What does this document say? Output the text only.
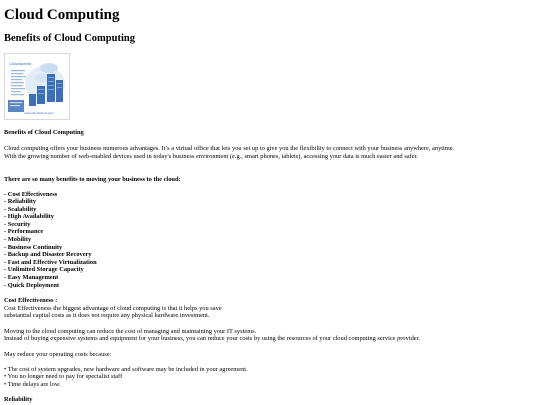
Cloud Computing
Benefits of Cloud Computing
Cloudsprints
www.cloudsprints.com
Benefits of Cloud Computing
Cloud computing offers your business numerous advantages. It’s a virtual office that lets you set up to give you the flexibility to connect with your business anywhere, anytime.
With the growing number of web-enabled devices used in today's business environment (e.g., smart phones, tablets), accessing your data is much easier and safer.
There are so many benefits to moving your business to the cloud:
- Cost Effectiveness
- Reliability
- Scalability
- High Availability
- Security
- Performance
- Mobility
- Business Continuity
- Backup and Disaster Recovery
- Fast and Effective Virtualization
- Unlimited Storage Capacity
- Easy Management
- Quick Deployment
Cost Effectiveness :
Cost Effectiveness the biggest advantage of cloud computing is that it helps you save
substantial capital costs as it does not require any physical hardware investment.
Moving to the cloud computing can reduce the cost of managing and maintaining your IT systems.
Instead of buying expensive systems and equipment for your business, you can reduce your costs by using the resources of your cloud computing service provider.
May reduce your operating costs because:
• The cost of system upgrades, new hardware and software may be included in your agreement.
• You no longer need to pay for specialist staff
• Time delays are low.
Reliability
